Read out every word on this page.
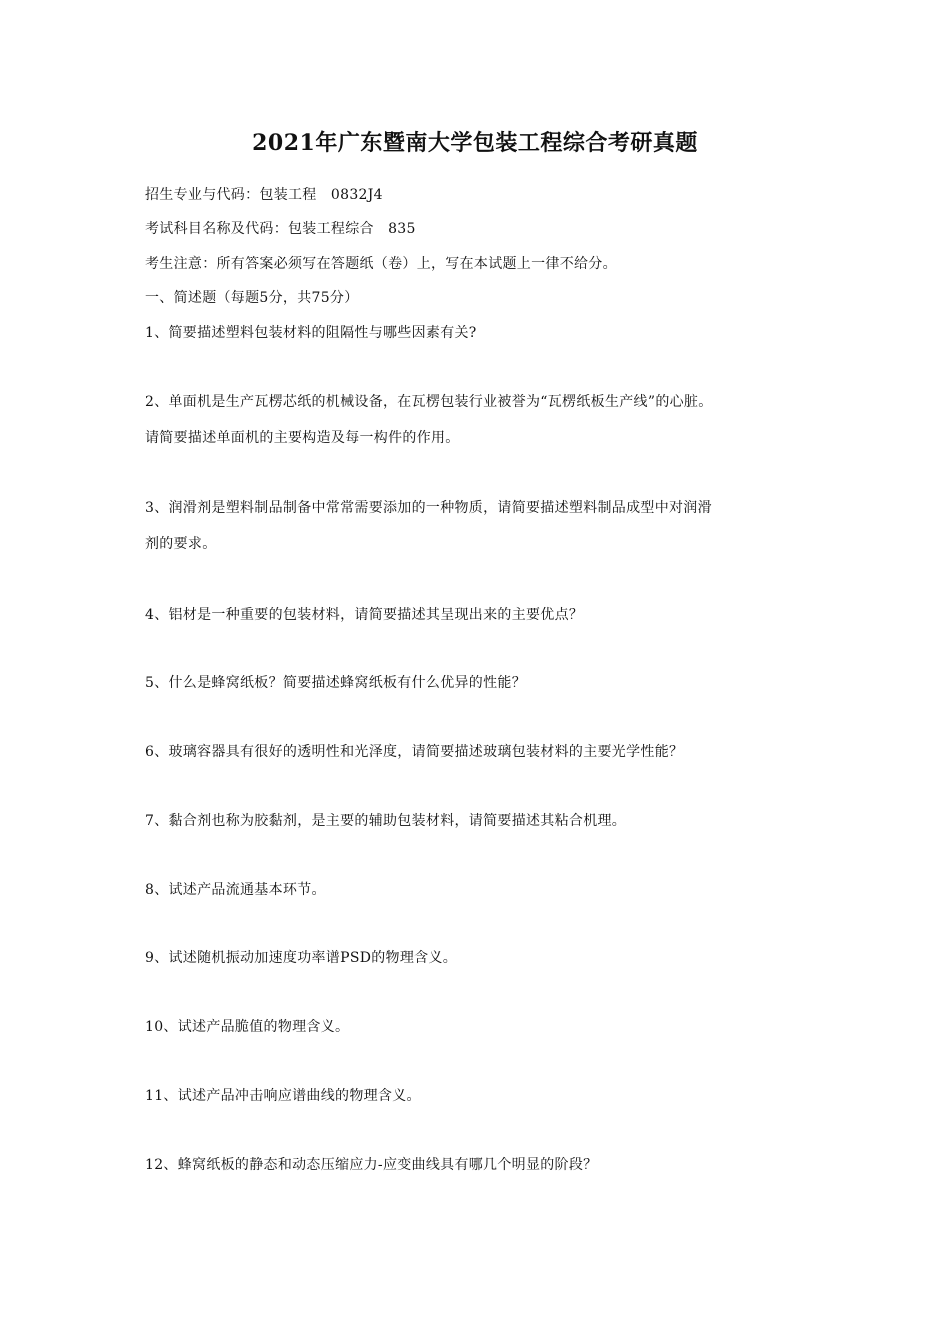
2021年广东暨南大学包装工程综合考研真题
招生专业与代码：包装工程　0832J4
考试科目名称及代码：包装工程综合　835
考生注意：所有答案必须写在答题纸（卷）上，写在本试题上一律不给分。
一、简述题（每题5分，共75分）
1、简要描述塑料包装材料的阻隔性与哪些因素有关?
2、单面机是生产瓦楞芯纸的机械设备，在瓦楞包装行业被誉为“瓦楞纸板生产线”的心脏。
请简要描述单面机的主要构造及每一构件的作用。
3、润滑剂是塑料制品制备中常常需要添加的一种物质，请简要描述塑料制品成型中对润滑
剂的要求。
4、铝材是一种重要的包装材料，请简要描述其呈现出来的主要优点？
5、什么是蜂窝纸板？简要描述蜂窝纸板有什么优异的性能？
6、玻璃容器具有很好的透明性和光泽度，请简要描述玻璃包装材料的主要光学性能？
7、黏合剂也称为胶黏剂，是主要的辅助包装材料，请简要描述其粘合机理。
8、试述产品流通基本环节。
9、试述随机振动加速度功率谱PSD的物理含义。
10、试述产品脆值的物理含义。
11、试述产品冲击响应谱曲线的物理含义。
12、蜂窝纸板的静态和动态压缩应力-应变曲线具有哪几个明显的阶段？
